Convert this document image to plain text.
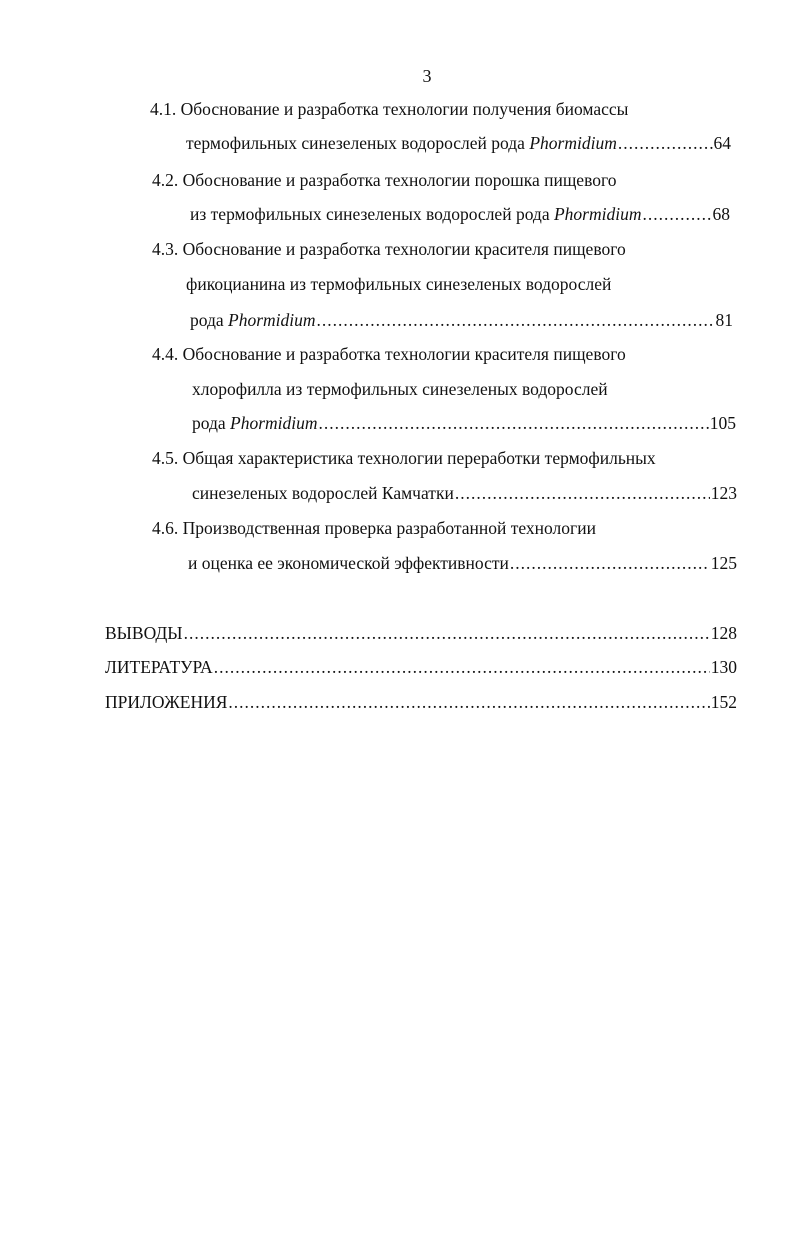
3
4.1. Обоснование и разработка технологии получения биомассы
термофильных синезеленых водорослей рода Phormidium .....	64
4.2. Обоснование и разработка технологии порошка пищевого
из термофильных синезеленых водорослей рода Phormidium .....	68
4.3. Обоснование и разработка технологии красителя пищевого
фикоцианина из термофильных синезеленых водорослей
рода Phormidium .....	81
4.4. Обоснование и разработка технологии красителя пищевого
хлорофилла из термофильных синезеленых водорослей
рода Phormidium .....	105
4.5. Общая характеристика технологии переработки термофильных
синезеленых водорослей Камчатки .....	123
4.6. Производственная проверка разработанной технологии
и оценка ее экономической эффективности .....	125
ВЫВОДЫ .....	128
ЛИТЕРАТУРА .....	130
ПРИЛОЖЕНИЯ .....	152
